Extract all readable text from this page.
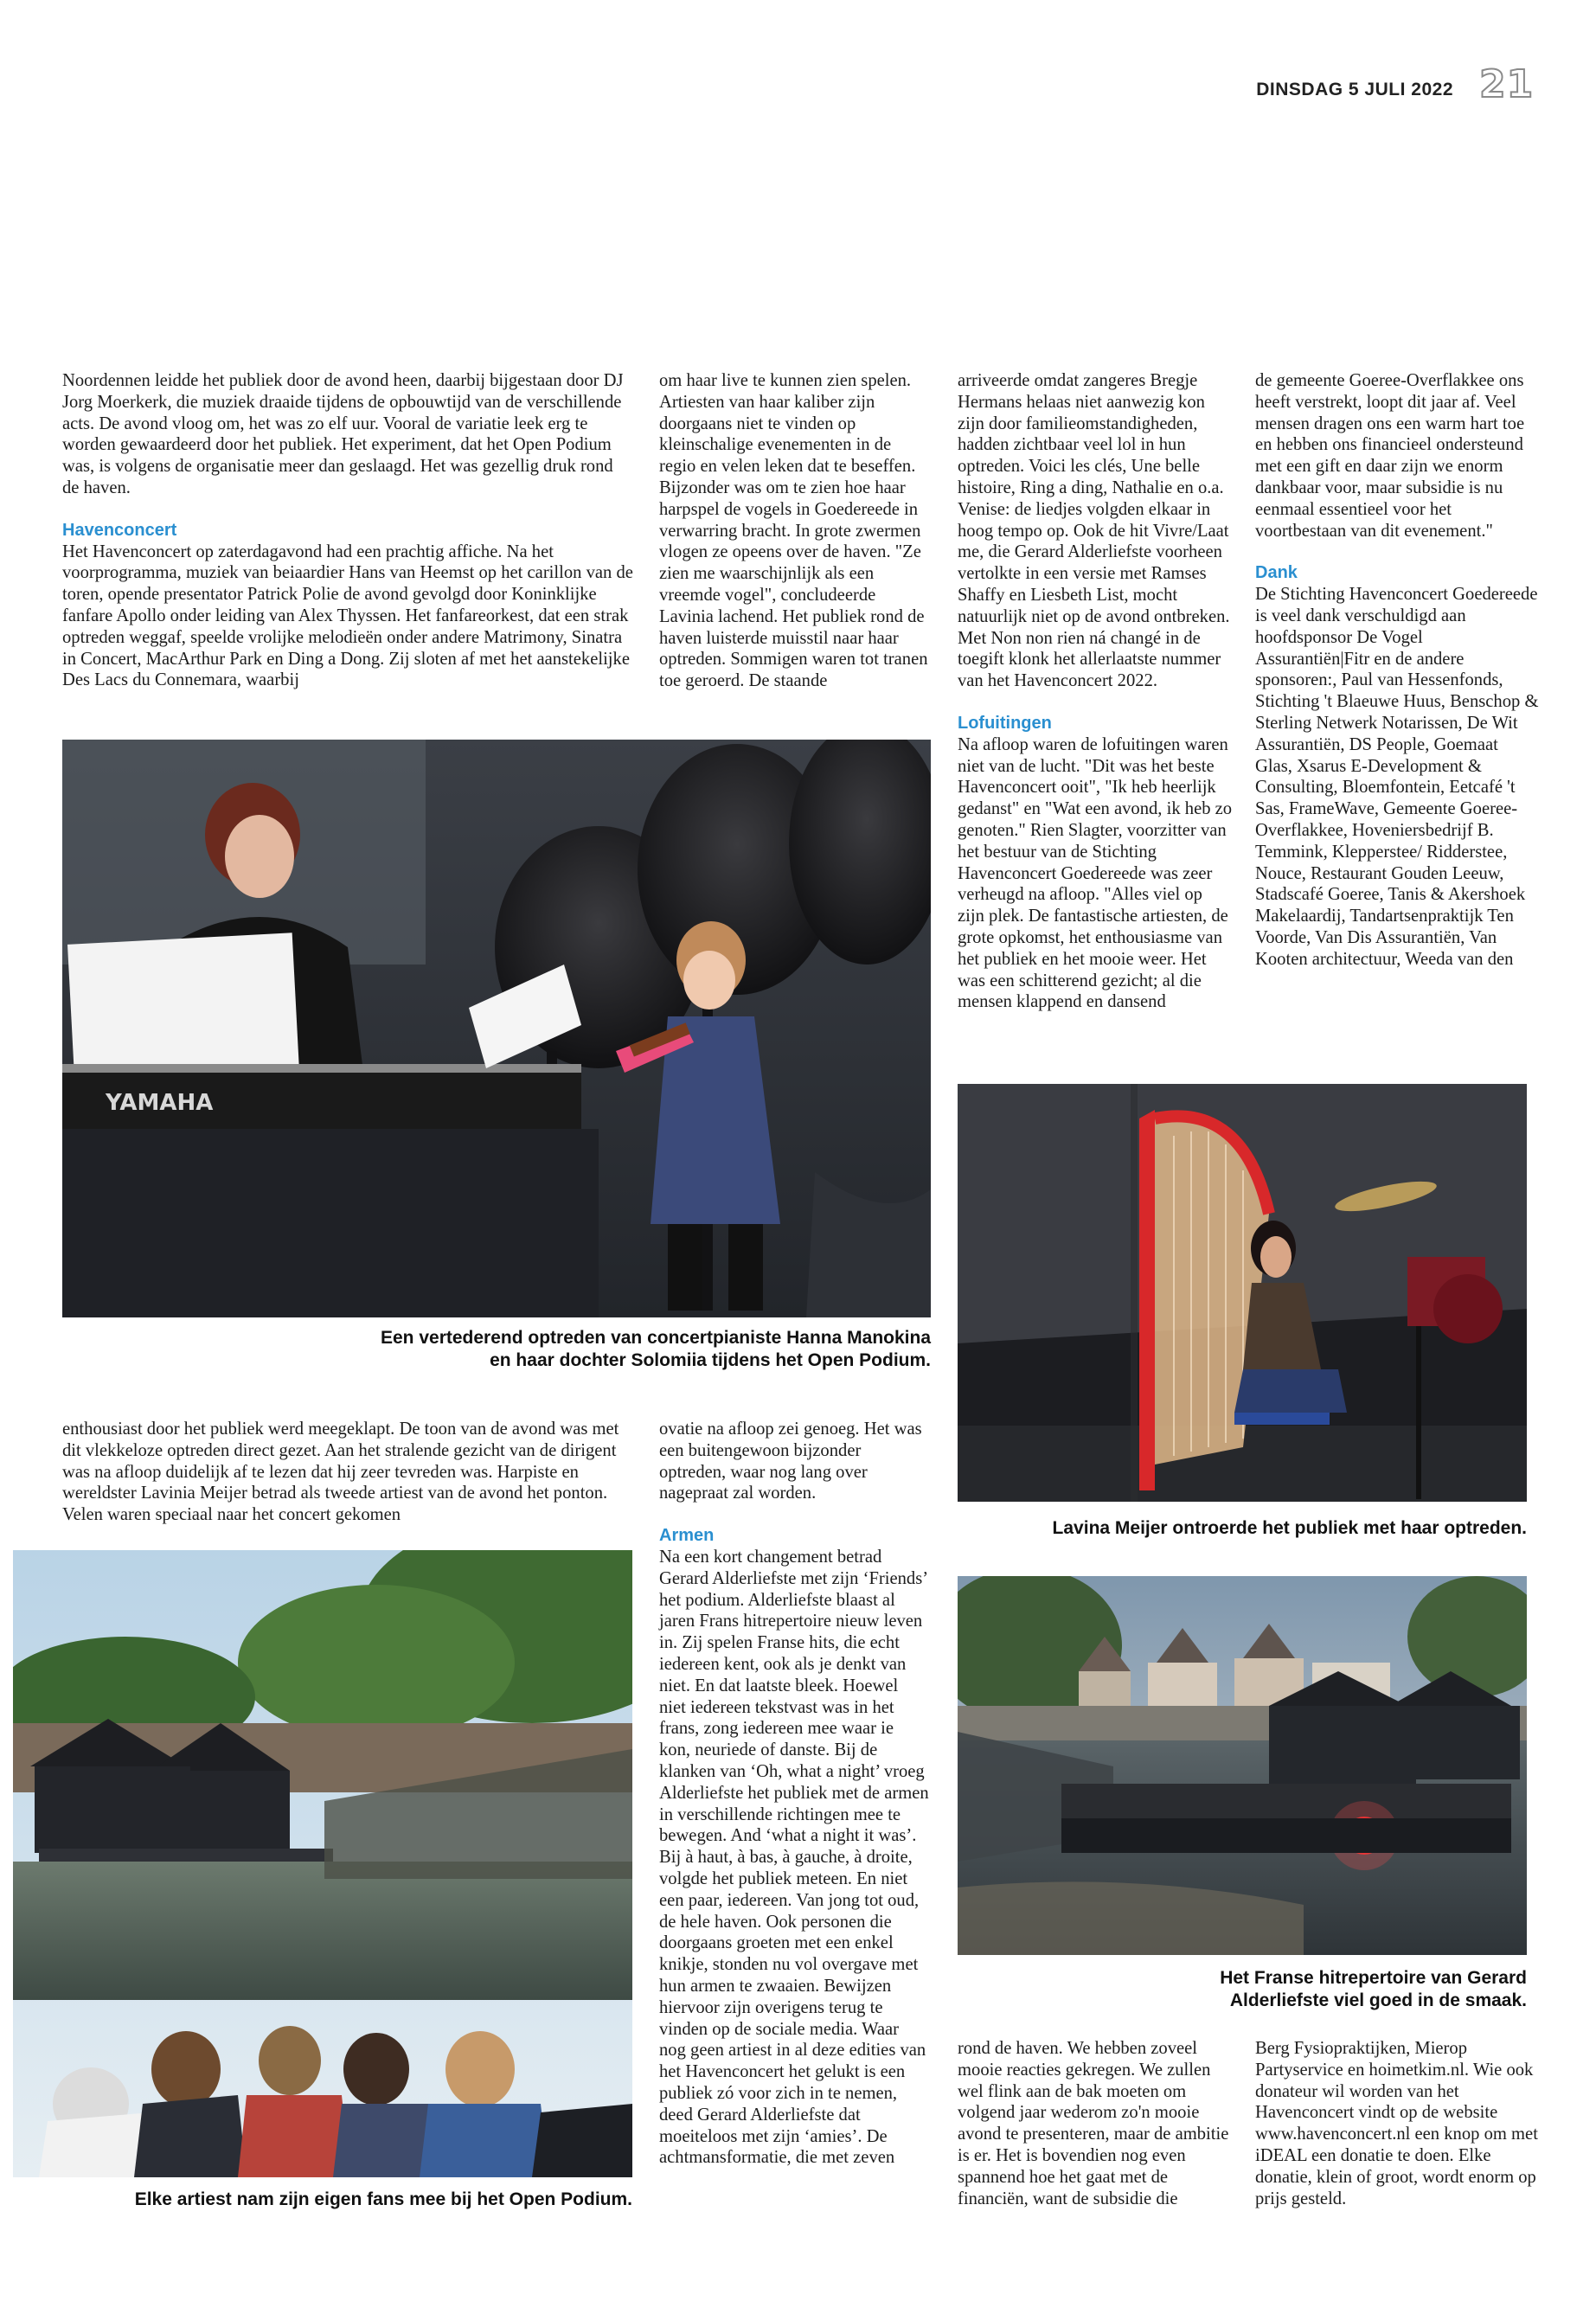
DINSDAG 5 JULI 2022 21

Noordennen leidde het publiek door de avond heen, daarbij bijgestaan door DJ Jorg Moerkerk, die muziek draaide tijdens de opbouwtijd van de verschillende acts. De avond vloog om, het was zo elf uur. Vooral de variatie leek erg te worden gewaardeerd door het publiek. Het experiment, dat het Open Podium was, is volgens de organisatie meer dan geslaagd. Het was gezellig druk rond de haven.

Havenconcert

Het Havenconcert op zaterdagavond had een prachtig affiche. Na het voorprogramma, muziek van beiaardier Hans van Heemst op het carillon van de toren, opende presentator Patrick Polie de avond gevolgd door Koninklijke fanfare Apollo onder leiding van Alex Thyssen. Het fanfareorkest, dat een strak optreden weggaf, speelde vrolijke melodieën onder andere Matrimony, Sinatra in Concert, MacArthur Park en Ding a Dong. Zij sloten af met het aanstekelijke Des Lacs du Connemara, waarbij

om haar live te kunnen zien spelen. Artiesten van haar kaliber zijn doorgaans niet te vinden op kleinschalige evenementen in de regio en velen leken dat te beseffen. Bijzonder was om te zien hoe haar harpspel de vogels in Goedereede in verwarring bracht. In grote zwermen vlogen ze opeens over de haven. "Ze zien me waarschijnlijk als een vreemde vogel", concludeerde Lavinia lachend. Het publiek rond de haven luisterde muisstil naar haar optreden. Sommigen waren tot tranen toe geroerd. De staande

arriveerde omdat zangeres Bregje Hermans helaas niet aanwezig kon zijn door familieomstandigheden, hadden zichtbaar veel lol in hun optreden. Voici les clés, Une belle histoire, Ring a ding, Nathalie en o.a. Venise: de liedjes volgden elkaar in hoog tempo op. Ook de hit Vivre/Laat me, die Gerard Alderliefste voorheen vertolkte in een versie met Ramses Shaffy en Liesbeth List, mocht natuurlijk niet op de avond ontbreken. Met Non non rien ná changé in de toegift klonk het allerlaatste nummer van het Havenconcert 2022.

Lofuitingen

Na afloop waren de lofuitingen waren niet van de lucht. "Dit was het beste Havenconcert ooit", "Ik heb heerlijk gedanst" en "Wat een avond, ik heb zo genoten." Rien Slagter, voorzitter van het bestuur van de Stichting Havenconcert Goedereede was zeer verheugd na afloop. "Alles viel op zijn plek. De fantastische artiesten, de grote opkomst, het enthousiasme van het publiek en het mooie weer. Het was een schitterend gezicht; al die mensen klappend en dansend

de gemeente Goeree-Overflakkee ons heeft verstrekt, loopt dit jaar af. Veel mensen dragen ons een warm hart toe en hebben ons financieel ondersteund met een gift en daar zijn we enorm dankbaar voor, maar subsidie is nu eenmaal essentieel voor het voortbestaan van dit evenement."

Dank

De Stichting Havenconcert Goedereede is veel dank verschuldigd aan hoofdsponsor De Vogel Assurantiën|Fitr en de andere sponsoren:, Paul van Hessenfonds, Stichting 't Blaeuwe Huus, Benschop & Sterling Netwerk Notarissen, De Wit Assurantiën, DS People, Goemaat Glas, Xsarus E-Development & Consulting, Bloemfontein, Eetcafé 't Sas, FrameWave, Gemeente Goeree-Overflakkee, Hoveniersbedrijf B. Temmink, Klepperstee/ Ridderstee, Nouce, Restaurant Gouden Leeuw, Stadscafé Goeree, Tanis & Akershoek Makelaardij, Tandartsenpraktijk Ten Voorde, Van Dis Assurantiën, Van Kooten architectuur, Weeda van den

YAMAHA
Een vertederend optreden van concertpianiste Hanna Manokina
en haar dochter Solomiia tijdens het Open Podium.
Lavina Meijer ontroerde het publiek met haar optreden.

enthousiast door het publiek werd meegeklapt. De toon van de avond was met dit vlekkeloze optreden direct gezet. Aan het stralende gezicht van de dirigent was na afloop duidelijk af te lezen dat hij zeer tevreden was. Harpiste en wereldster Lavinia Meijer betrad als tweede artiest van de avond het ponton. Velen waren speciaal naar het concert gekomen

ovatie na afloop zei genoeg. Het was een buitengewoon bijzonder optreden, waar nog lang over nagepraat zal worden.

Armen

Na een kort changement betrad Gerard Alderliefste met zijn ‘Friends’ het podium. Alderliefste blaast al jaren Frans hitrepertoire nieuw leven in. Zij spelen Franse hits, die echt iedereen kent, ook als je denkt van niet. En dat laatste bleek. Hoewel niet iedereen tekstvast was in het frans, zong iedereen mee waar ie kon, neuriede of danste. Bij de klanken van ‘Oh, what a night’ vroeg Alderliefste het publiek met de armen in verschillende richtingen mee te bewegen. And ‘what a night it was’. Bij à haut, à bas, à gauche, à droite, volgde het publiek meteen. En niet een paar, iedereen. Van jong tot oud, de hele haven. Ook personen die doorgaans groeten met een enkel knikje, stonden nu vol overgave met hun armen te zwaaien. Bewijzen hiervoor zijn overigens terug te vinden op de sociale media. Waar nog geen artiest in al deze edities van het Havenconcert het gelukt is een publiek zó voor zich in te nemen, deed Gerard Alderliefste dat moeiteloos met zijn ‘amies’. De achtmansformatie, die met zeven

Elke artiest nam zijn eigen fans mee bij het Open Podium.
Het Franse hitrepertoire van Gerard
Alderliefste viel goed in de smaak.

rond de haven. We hebben zoveel mooie reacties gekregen. We zullen wel flink aan de bak moeten om volgend jaar wederom zo'n mooie avond te presenteren, maar de ambitie is er. Het is bovendien nog even spannend hoe het gaat met de financiën, want de subsidie die

Berg Fysiopraktijken, Mierop Partyservice en hoimetkim.nl. Wie ook donateur wil worden van het Havenconcert vindt op de website www.havenconcert.nl een knop om met iDEAL een donatie te doen. Elke donatie, klein of groot, wordt enorm op prijs gesteld.
